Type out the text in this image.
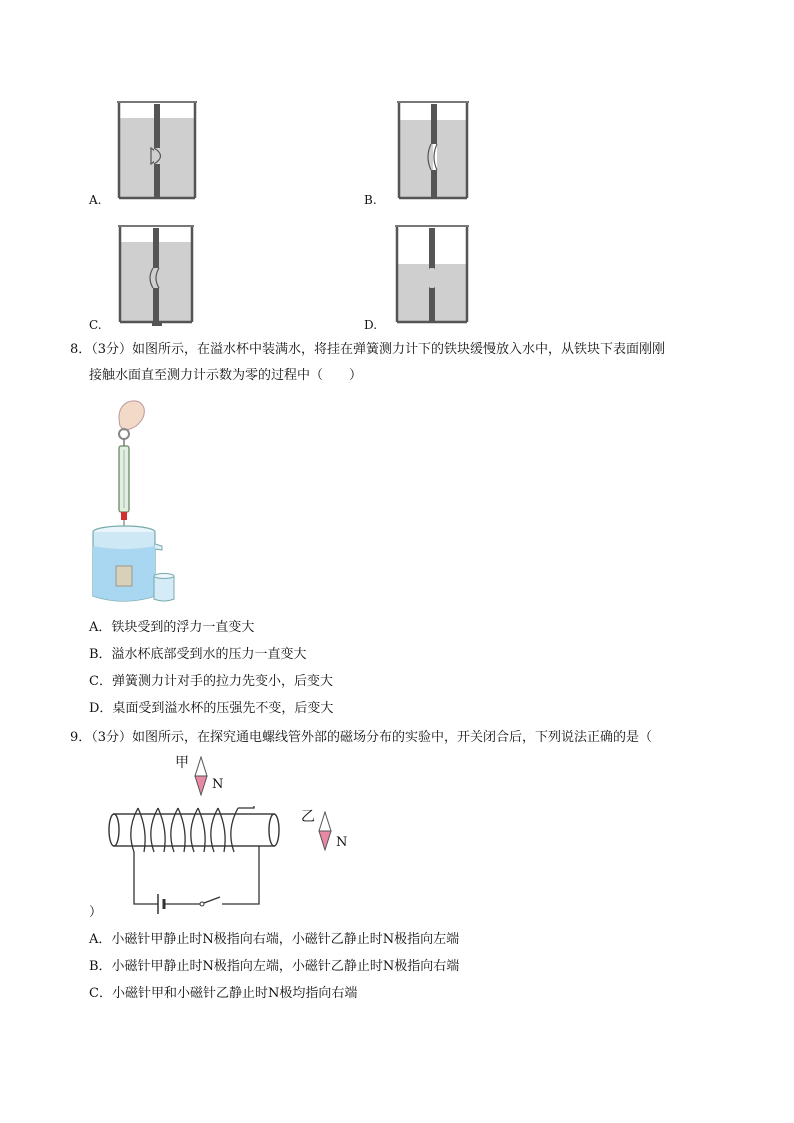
A.	B.
C.	D.
8．（3分）如图所示，在溢水杯中装满水，将挂在弹簧测力计下的铁块缓慢放入水中，从铁块下表面刚刚
接触水面直至测力计示数为零的过程中（　　）
A．铁块受到的浮力一直变大
B．溢水杯底部受到水的压力一直变大
C．弹簧测力计对手的拉力先变小，后变大
D．桌面受到溢水杯的压强先不变，后变大
9．（3分）如图所示，在探究通电螺线管外部的磁场分布的实验中，开关闭合后，下列说法正确的是（
甲
N
乙
N
）
A．小磁针甲静止时N极指向右端，小磁针乙静止时N极指向左端
B．小磁针甲静止时N极指向左端，小磁针乙静止时N极指向右端
C．小磁针甲和小磁针乙静止时N极均指向右端
